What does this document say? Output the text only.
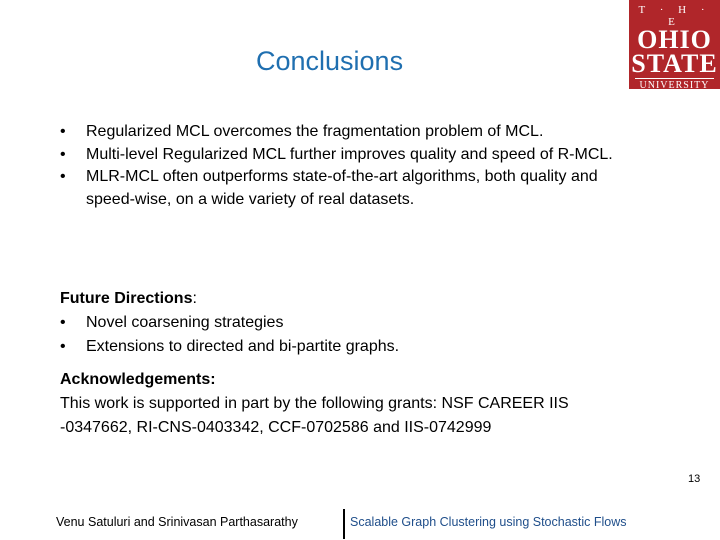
Conclusions
T · H · E
OHIO
STATE
UNIVERSITY
• Regularized MCL overcomes the fragmentation problem of MCL.
• Multi-level Regularized MCL further improves quality and speed of R-MCL.
• MLR-MCL often outperforms state-of-the-art algorithms, both quality and speed-wise, on a wide variety of real datasets.
Future Directions:
• Novel coarsening strategies
• Extensions to directed and bi-partite graphs.
Acknowledgements:
This work is supported in part by the following grants: NSF CAREER IIS -0347662, RI-CNS-0403342, CCF-0702586 and IIS-0742999
13
Venu Satuluri and Srinivasan Parthasarathy	Scalable Graph Clustering using Stochastic Flows
